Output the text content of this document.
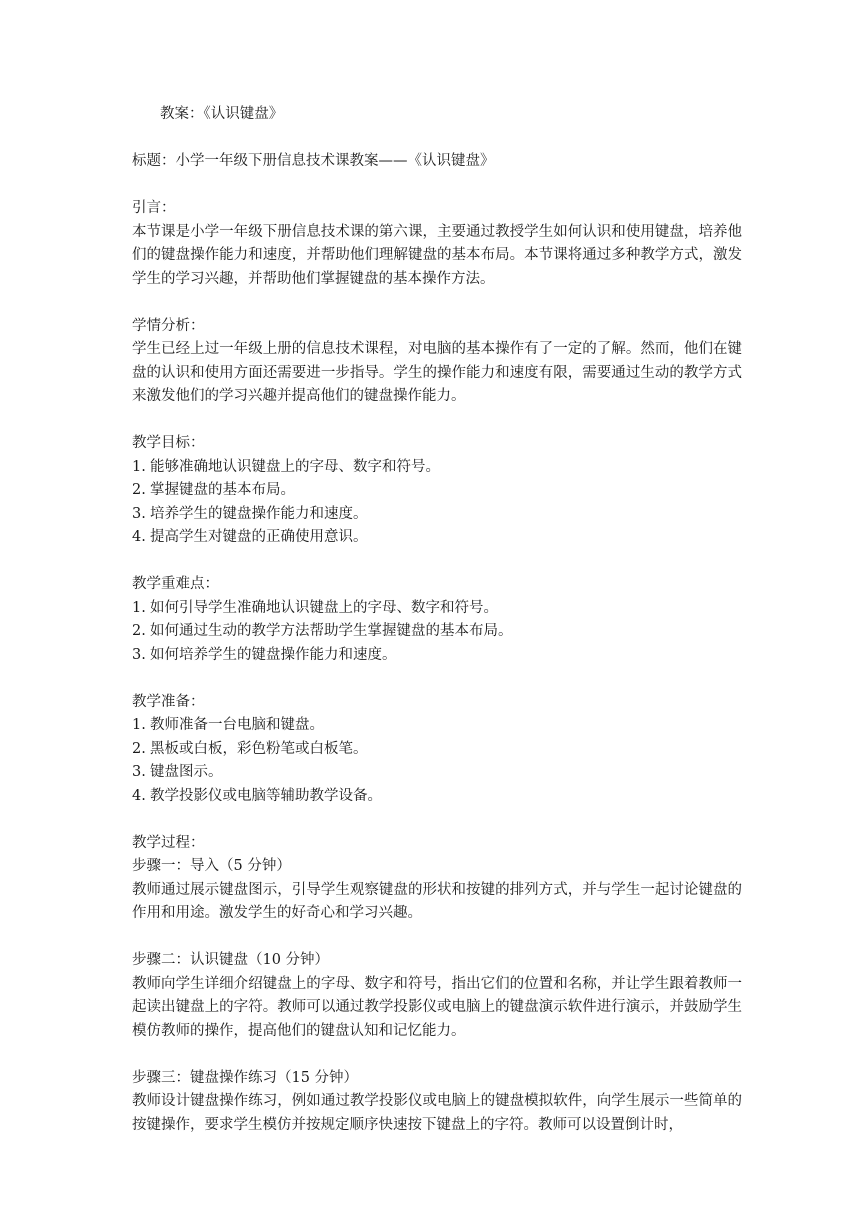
教案：《认识键盘》

标题：小学一年级下册信息技术课教案——《认识键盘》

引言：

本节课是小学一年级下册信息技术课的第六课，主要通过教授学生如何认识和使用键盘，培养他们的键盘操作能力和速度，并帮助他们理解键盘的基本布局。本节课将通过多种教学方式，激发学生的学习兴趣，并帮助他们掌握键盘的基本操作方法。

学情分析：

学生已经上过一年级上册的信息技术课程，对电脑的基本操作有了一定的了解。然而，他们在键盘的认识和使用方面还需要进一步指导。学生的操作能力和速度有限，需要通过生动的教学方式来激发他们的学习兴趣并提高他们的键盘操作能力。

教学目标：

1. 能够准确地认识键盘上的字母、数字和符号。

2. 掌握键盘的基本布局。

3. 培养学生的键盘操作能力和速度。

4. 提高学生对键盘的正确使用意识。

教学重难点：

1. 如何引导学生准确地认识键盘上的字母、数字和符号。

2. 如何通过生动的教学方法帮助学生掌握键盘的基本布局。

3. 如何培养学生的键盘操作能力和速度。

教学准备：

1. 教师准备一台电脑和键盘。

2. 黑板或白板，彩色粉笔或白板笔。

3. 键盘图示。

4. 教学投影仪或电脑等辅助教学设备。

教学过程：

步骤一：导入（5 分钟）

教师通过展示键盘图示，引导学生观察键盘的形状和按键的排列方式，并与学生一起讨论键盘的作用和用途。激发学生的好奇心和学习兴趣。

步骤二：认识键盘（10 分钟）

教师向学生详细介绍键盘上的字母、数字和符号，指出它们的位置和名称，并让学生跟着教师一起读出键盘上的字符。教师可以通过教学投影仪或电脑上的键盘演示软件进行演示，并鼓励学生模仿教师的操作，提高他们的键盘认知和记忆能力。

步骤三：键盘操作练习（15 分钟）

教师设计键盘操作练习，例如通过教学投影仪或电脑上的键盘模拟软件，向学生展示一些简单的按键操作，要求学生模仿并按规定顺序快速按下键盘上的字符。教师可以设置倒计时，
